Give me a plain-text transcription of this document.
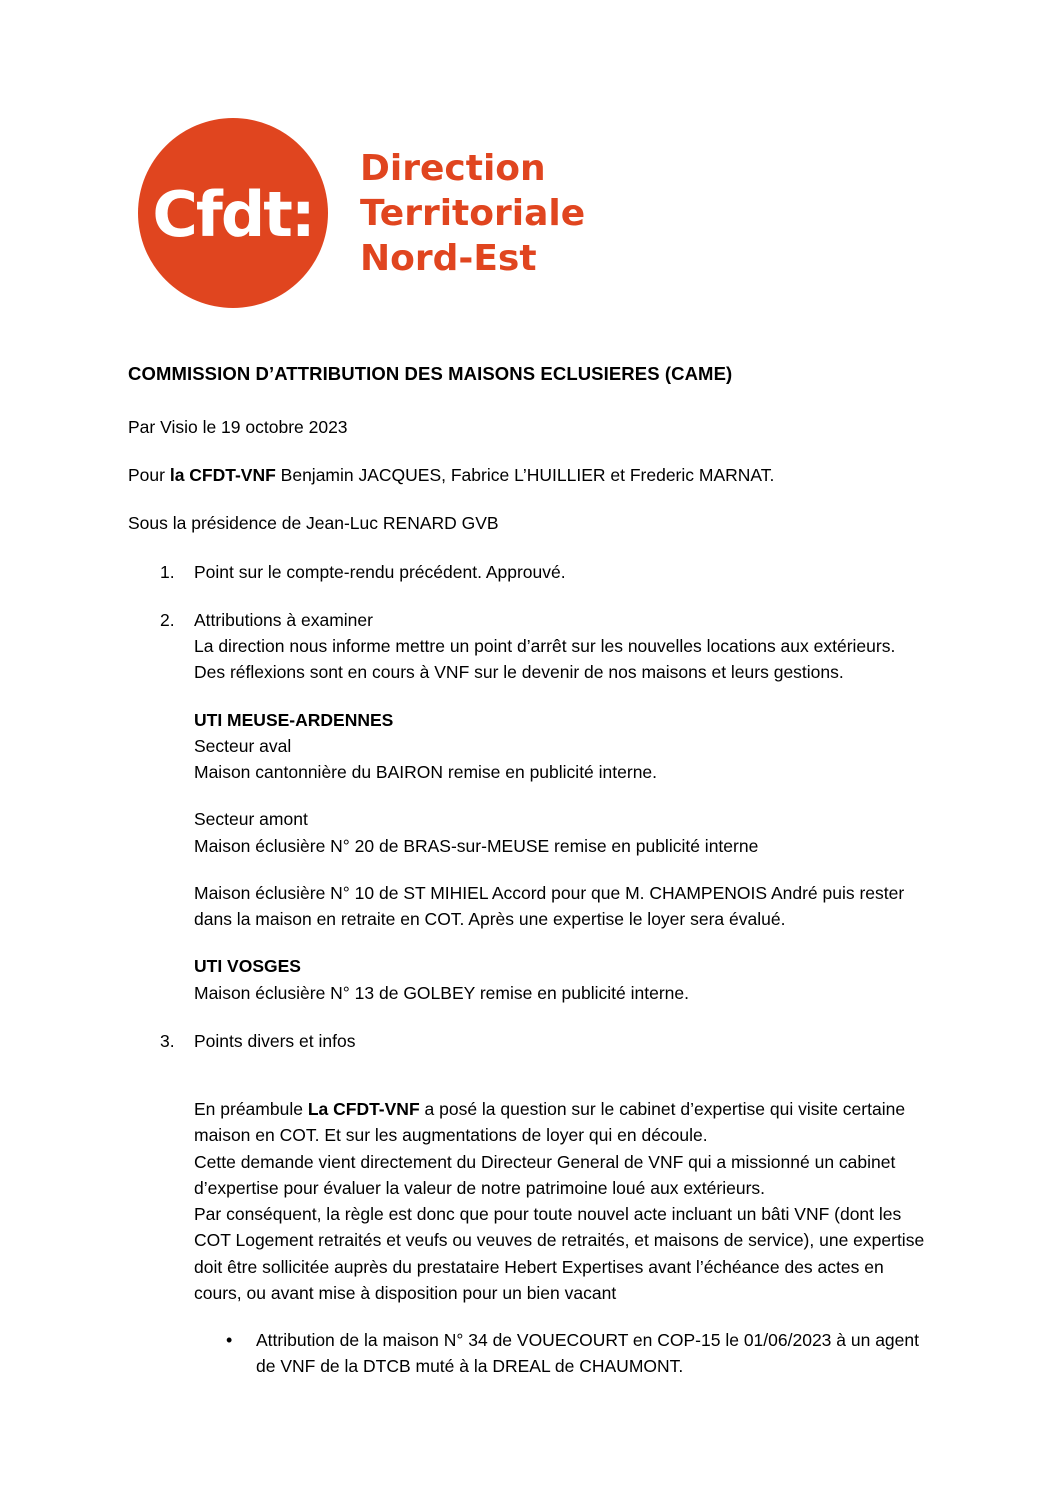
Cfdt:
Direction
Territoriale
Nord-Est

COMMISSION D’ATTRIBUTION DES MAISONS ECLUSIERES (CAME)

Par Visio le 19 octobre 2023

Pour la CFDT-VNF Benjamin JACQUES, Fabrice L’HUILLIER et Frederic MARNAT.

Sous la présidence de Jean-Luc RENARD GVB

1.	Point sur le compte-rendu précédent. Approuvé.
2.	Attributions à examiner

La direction nous informe mettre un point d’arrêt sur les nouvelles locations aux extérieurs.

Des réflexions sont en cours à VNF sur le devenir de nos maisons et leurs gestions.

UTI MEUSE-ARDENNES

Secteur aval

Maison cantonnière du BAIRON remise en publicité interne.

Secteur amont

Maison éclusière N° 20 de BRAS-sur-MEUSE remise en publicité interne

Maison éclusière N° 10 de ST MIHIEL Accord pour que M. CHAMPENOIS André puis rester

dans la maison en retraite en COT. Après une expertise le loyer sera évalué.

UTI VOSGES

Maison éclusière N° 13 de GOLBEY remise en publicité interne.

3.	Points divers et infos

En préambule La CFDT-VNF a posé la question sur le cabinet d’expertise qui visite certaine

maison en COT. Et sur les augmentations de loyer qui en découle.

Cette demande vient directement du Directeur General de VNF qui a missionné un cabinet

d’expertise pour évaluer la valeur de notre patrimoine loué aux extérieurs.

Par conséquent, la règle est donc que pour toute nouvel acte incluant un bâti VNF (dont les

COT Logement retraités et veufs ou veuves de retraités, et maisons de service), une expertise

doit être sollicitée auprès du prestataire Hebert Expertises avant l’échéance des actes en

cours, ou avant mise à disposition pour un bien vacant

• Attribution de la maison N° 34 de VOUECOURT en COP-15 le 01/06/2023 à un agent
de VNF de la DTCB muté à la DREAL de CHAUMONT.
